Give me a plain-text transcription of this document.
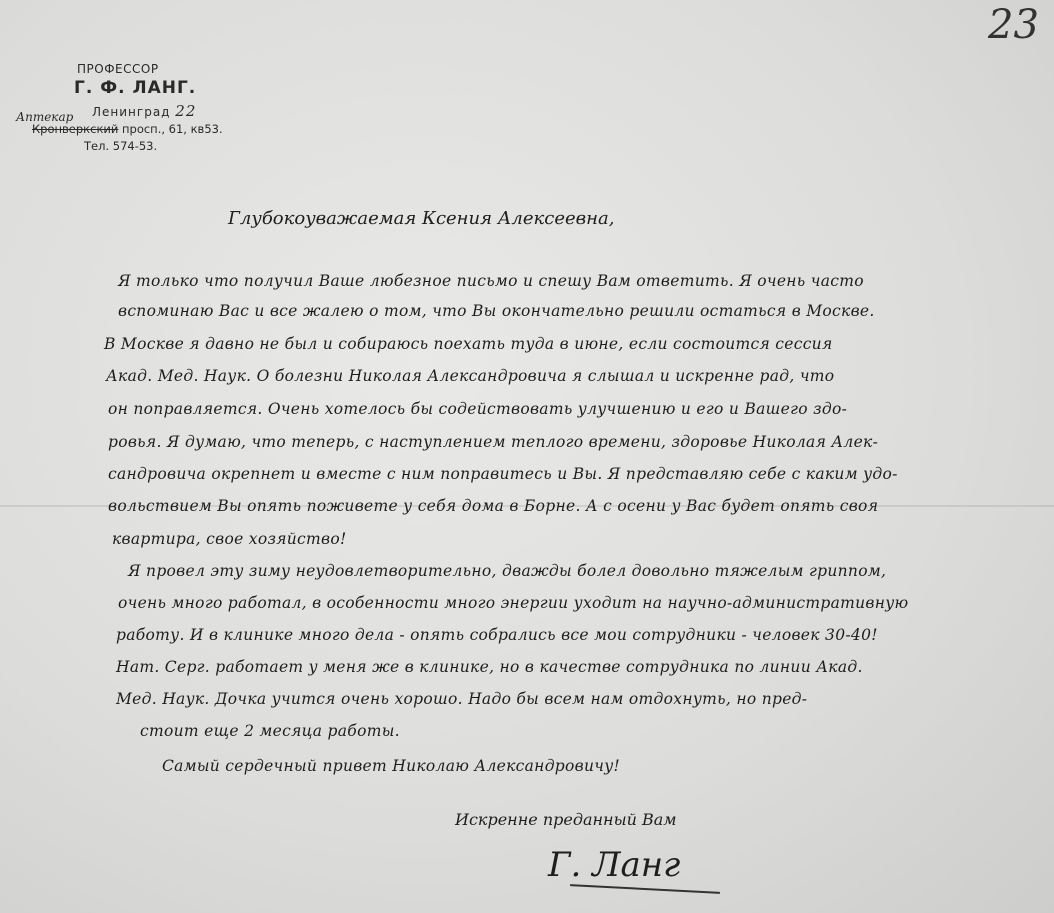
23
ПРОФЕССОР
Г. Ф. ЛАНГ.
Ленинград 22
Аптекар
Кронверкский просп., 61, кв53.
Тел. 574-53.
Глубокоуважаемая Ксения Алексеевна,
Я только что получил Ваше любезное письмо и спешу Вам ответить. Я очень часто
вспоминаю Вас и все жалею о том, что Вы окончательно решили остаться в Москве.
В Москве я давно не был и собираюсь поехать туда в июне, если состоится сессия
Акад. Мед. Наук. О болезни Николая Александровича я слышал и искренне рад, что
он поправляется. Очень хотелось бы содействовать улучшению и его и Вашего здо-
ровья. Я думаю, что теперь, с наступлением теплого времени, здоровье Николая Алек-
сандровича окрепнет и вместе с ним поправитесь и Вы. Я представляю себе с каким удо-
вольствием Вы опять поживете у себя дома в Борне. А с осени у Вас будет опять своя
квартира, свое хозяйство!
Я провел эту зиму неудовлетворительно, дважды болел довольно тяжелым гриппом,
очень много работал, в особенности много энергии уходит на научно-административную
работу. И в клинике много дела - опять собрались все мои сотрудники - человек 30-40!
Нат. Серг. работает у меня же в клинике, но в качестве сотрудника по линии Акад.
Мед. Наук. Дочка учится очень хорошо. Надо бы всем нам отдохнуть, но пред-
стоит еще 2 месяца работы.
Самый сердечный привет Николаю Александровичу!
Искренне преданный Вам
Г. Ланг
